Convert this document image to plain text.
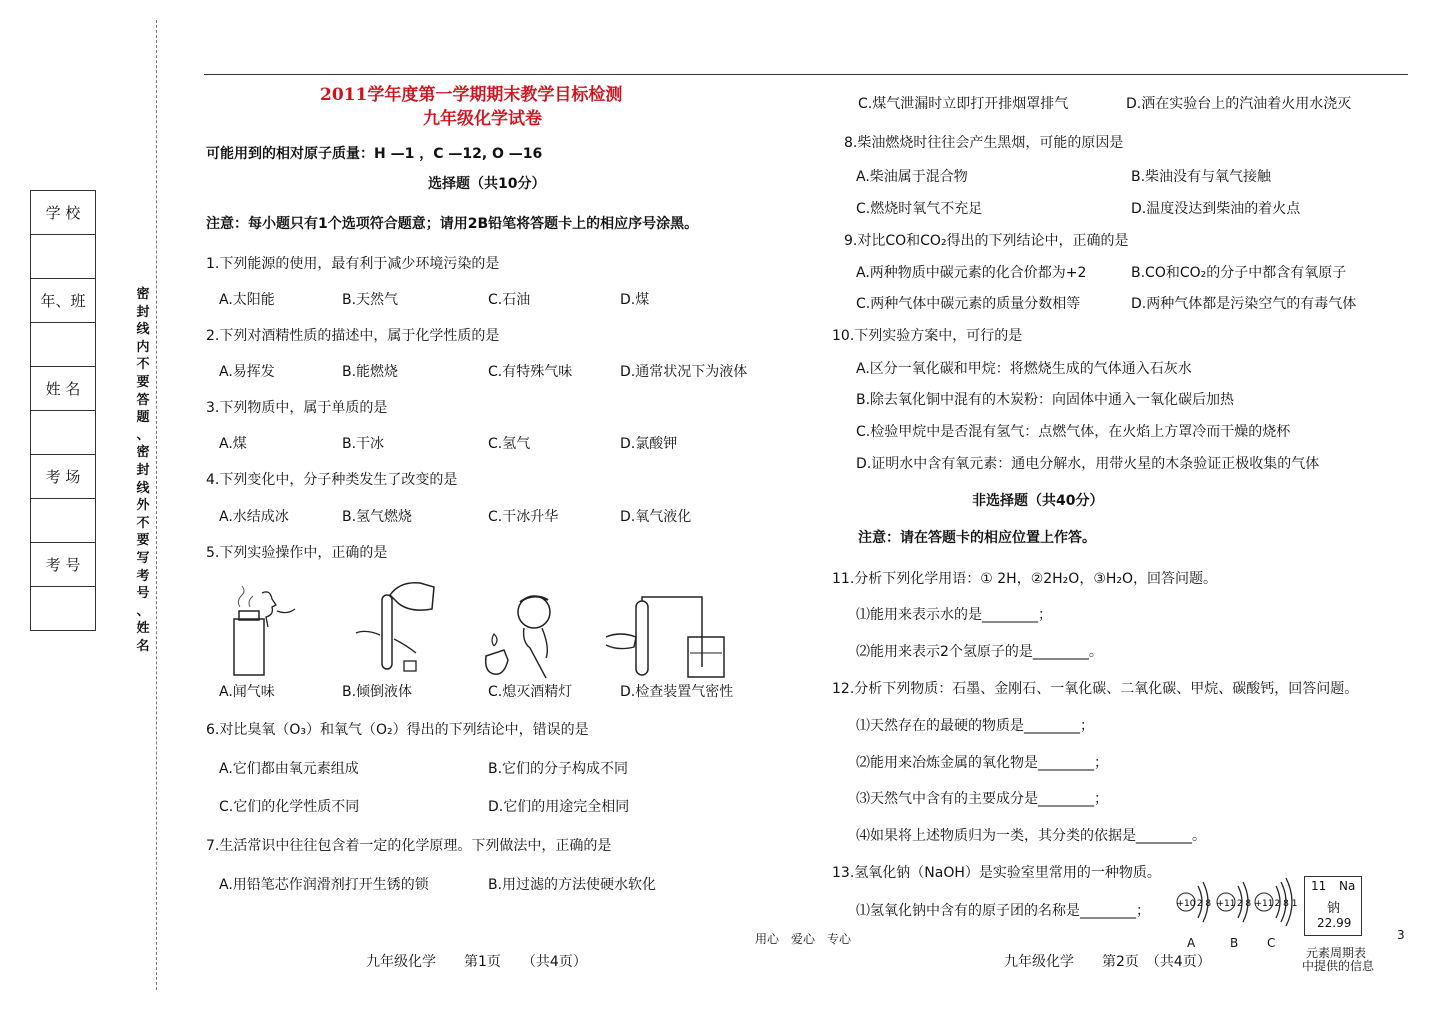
学 校

年、班

姓 名

考 场

考 号

密封线内不要答题、密封线外不要写考号、姓名
2011学年度第一学期期末教学目标检测
九年级化学试卷
可能用到的相对原子质量：H —1 ，C —12, O —16
选择题（共10分）
注意：每小题只有1个选项符合题意；请用2B铅笔将答题卡上的相应序号涂黑。
1.下列能源的使用，最有利于减少环境污染的是
A.太阳能	B.天然气	C.石油	D.煤
2.下列对酒精性质的描述中，属于化学性质的是
A.易挥发	B.能燃烧	C.有特殊气味	D.通常状况下为液体
3.下列物质中，属于单质的是
A.煤	B.干冰	C.氢气	D.氯酸钾
4.下列变化中，分子种类发生了改变的是
A.水结成冰	B.氢气燃烧	C.干冰升华	D.氧气液化
5.下列实验操作中，正确的是
A.闻气味	B.倾倒液体	C.熄灭酒精灯	D.检查装置气密性
6.对比臭氧（O₃）和氧气（O₂）得出的下列结论中，错误的是
A.它们都由氧元素组成	B.它们的分子构成不同
C.它们的化学性质不同	D.它们的用途完全相同
7.生活常识中往往包含着一定的化学原理。下列做法中，正确的是
A.用铅笔芯作润滑剂打开生锈的锁	B.用过滤的方法使硬水软化
C.煤气泄漏时立即打开排烟罩排气	D.洒在实验台上的汽油着火用水浇灭
8.柴油燃烧时往往会产生黑烟，可能的原因是
A.柴油属于混合物	B.柴油没有与氧气接触
C.燃烧时氧气不充足	D.温度没达到柴油的着火点
9.对比CO和CO₂得出的下列结论中，正确的是
A.两种物质中碳元素的化合价都为+2	B.CO和CO₂的分子中都含有氧原子
C.两种气体中碳元素的质量分数相等	D.两种气体都是污染空气的有毒气体
10.下列实验方案中，可行的是
A.区分一氧化碳和甲烷：将燃烧生成的气体通入石灰水
B.除去氧化铜中混有的木炭粉：向固体中通入一氧化碳后加热
C.检验甲烷中是否混有氢气：点燃气体，在火焰上方罩冷而干燥的烧杯
D.证明水中含有氧元素：通电分解水，用带火星的木条验证正极收集的气体
非选择题（共40分）
注意：请在答题卡的相应位置上作答。
11.分析下列化学用语：① 2H，②2H₂O，③H₂O，回答问题。
⑴能用来表示水的是________；
⑵能用来表示2个氢原子的是________。
12.分析下列物质：石墨、金刚石、一氧化碳、二氧化碳、甲烷、碳酸钙，回答问题。
⑴天然存在的最硬的物质是________；
⑵能用来冶炼金属的氧化物是________；
⑶天然气中含有的主要成分是________；
⑷如果将上述物质归为一类，其分类的依据是________。
13.氢氧化钠（NaOH）是实验室里常用的一种物质。
⑴氢氧化钠中含有的原子团的名称是________；	+10 2 8 +11 2 8 +11 2 8 1
A	B C
11 Na
钠
22.99
元素周期表
中提供的信息
用心　爱心　专心
九年级化学　　第1页　　（共4页）	九年级化学　　第2页　（共4页）
3
